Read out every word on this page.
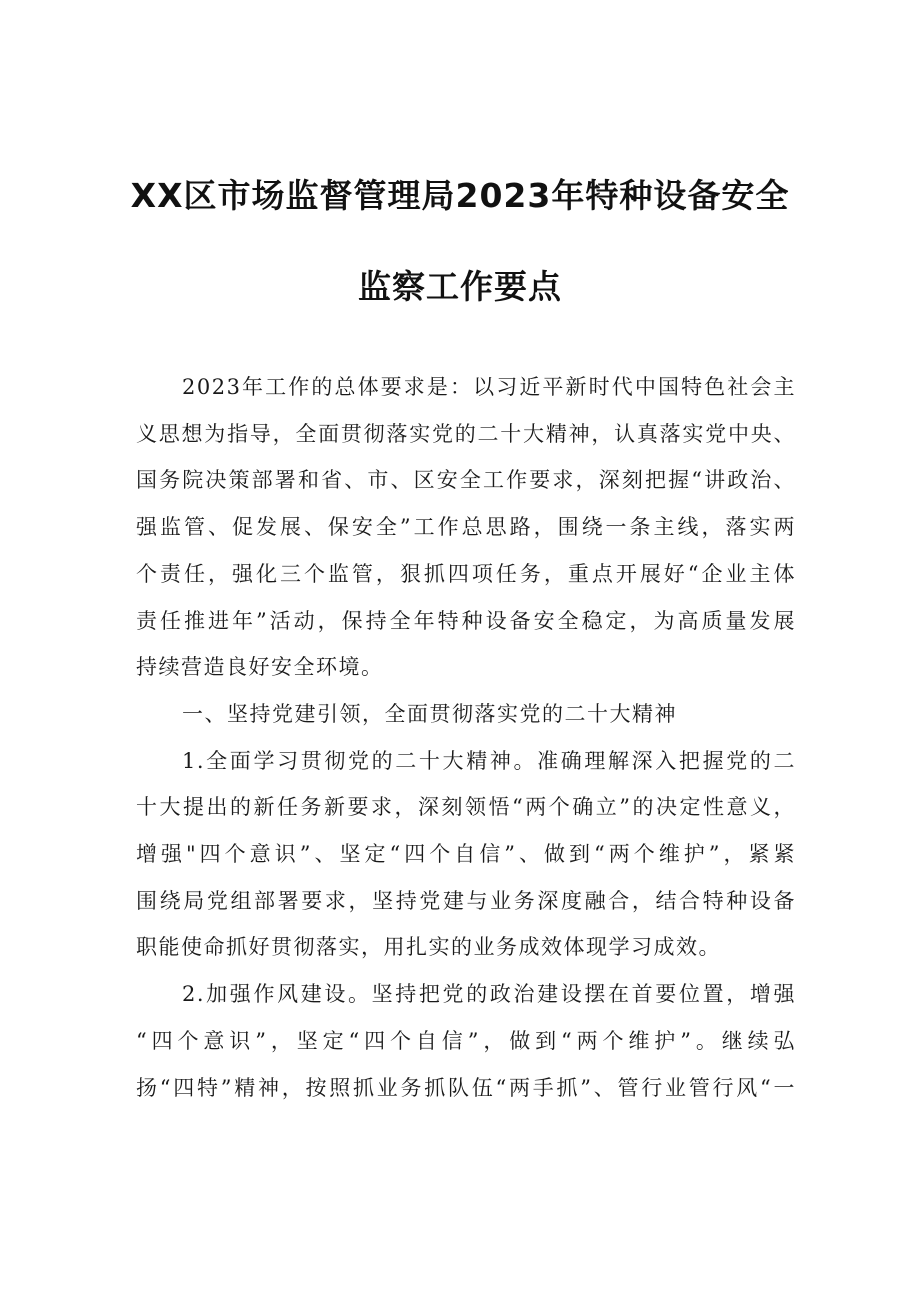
XX区市场监督管理局2023年特种设备安全
监察工作要点
2023年工作的总体要求是：以习近平新时代中国特色社会主
义思想为指导，全面贯彻落实党的二十大精神，认真落实党中央、
国务院决策部署和省、市、区安全工作要求，深刻把握“讲政治、
强监管、促发展、保安全”工作总思路，围绕一条主线，落实两
个责任，强化三个监管，狠抓四项任务，重点开展好“企业主体
责任推进年”活动，保持全年特种设备安全稳定，为高质量发展
持续营造良好安全环境。
一、坚持党建引领，全面贯彻落实党的二十大精神
1.全面学习贯彻党的二十大精神。准确理解深入把握党的二
十大提出的新任务新要求，深刻领悟“两个确立”的决定性意义，
增强"四个意识”、坚定“四个自信”、做到“两个维护”，紧紧
围绕局党组部署要求，坚持党建与业务深度融合，结合特种设备
职能使命抓好贯彻落实，用扎实的业务成效体现学习成效。
2.加强作风建设。坚持把党的政治建设摆在首要位置，增强
“四个意识”，坚定“四个自信”，做到“两个维护”。继续弘
扬“四特”精神，按照抓业务抓队伍“两手抓”、管行业管行风“一
